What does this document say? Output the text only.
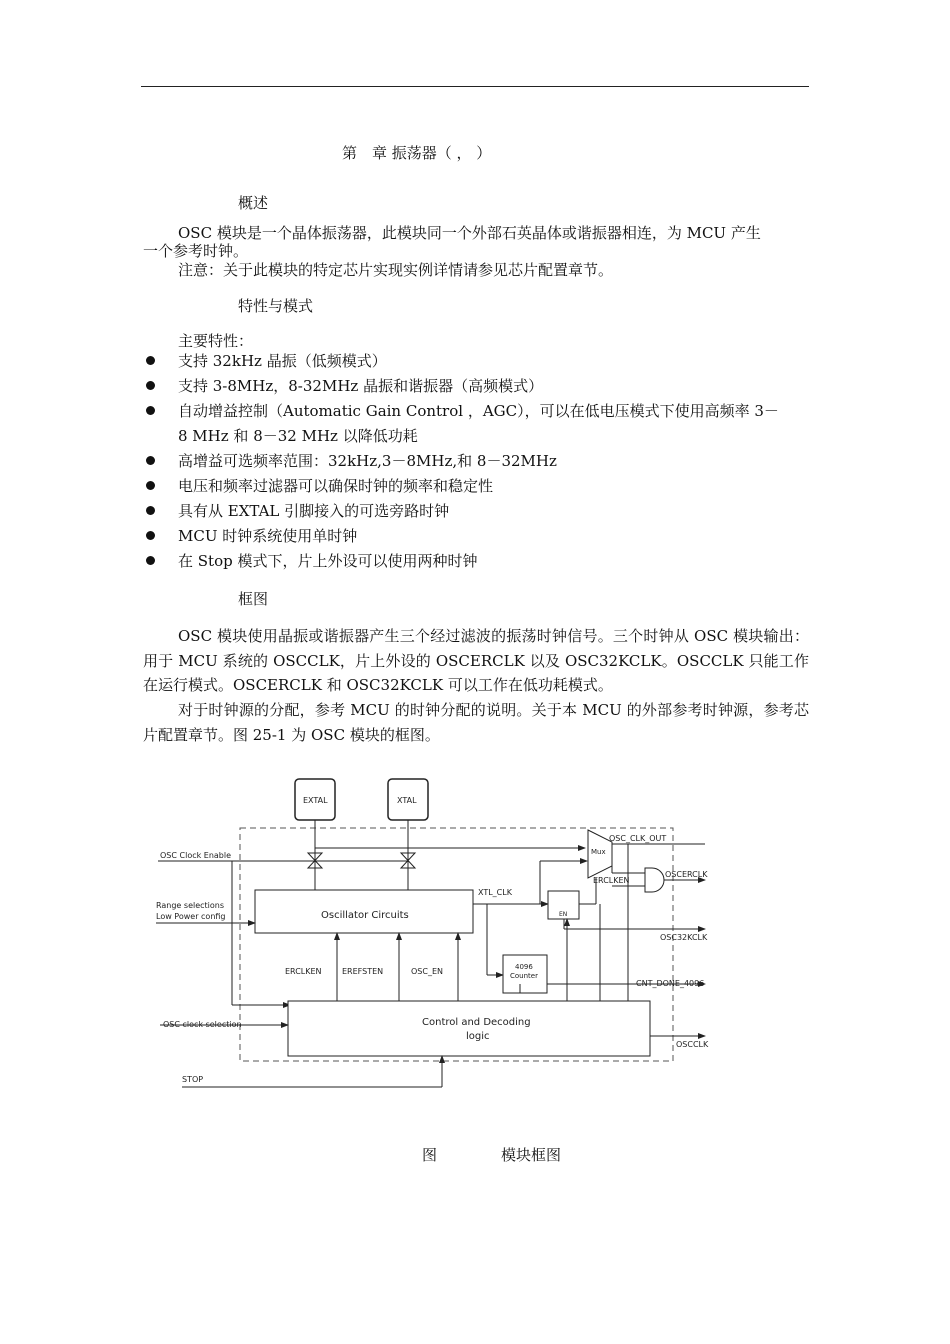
第　章 振荡器（ ， ）
概述
OSC 模块是一个晶体振荡器，此模块同一个外部石英晶体或谐振器相连，为 MCU 产生
一个参考时钟。
注意：关于此模块的特定芯片实现实例详情请参见芯片配置章节。
特性与模式
主要特性：
支持 32kHz 晶振（低频模式）
支持 3-8MHz，8-32MHz 晶振和谐振器（高频模式）
自动增益控制（Automatic Gain Control ，AGC），可以在低电压模式下使用高频率 3－
8 MHz 和 8－32 MHz 以降低功耗
高增益可选频率范围：32kHz,3－8MHz,和 8－32MHz
电压和频率过滤器可以确保时钟的频率和稳定性
具有从 EXTAL 引脚接入的可选旁路时钟
MCU 时钟系统使用单时钟
在 Stop 模式下，片上外设可以使用两种时钟
框图
OSC 模块使用晶振或谐振器产生三个经过滤波的振荡时钟信号。三个时钟从 OSC 模块输出：用于 MCU 系统的 OSCCLK，片上外设的 OSCERCLK 以及 OSC32KCLK。OSCCLK 只能工作在运行模式。OSCERCLK 和 OSC32KCLK 可以工作在低功耗模式。
对于时钟源的分配，参考 MCU 的时钟分配的说明。关于本 MCU 的外部参考时钟源，参考芯片配置章节。图 25-1 为 OSC 模块的框图。
EXTAL	XTAL
OSC Clock Enable
Range selections
Low Power config
OSC clock selection
STOP
Oscillator Circuits
Control and Decoding
logic
4096
Counter
Mux
EN
XTL_CLK
OSC_CLK_OUT
ERCLKEN
ERCLKEN	EREFSTEN	OSC_EN
OSCERCLK
OSC32KCLK
CNT_DONE_4096
OSCCLK
图	模块框图
